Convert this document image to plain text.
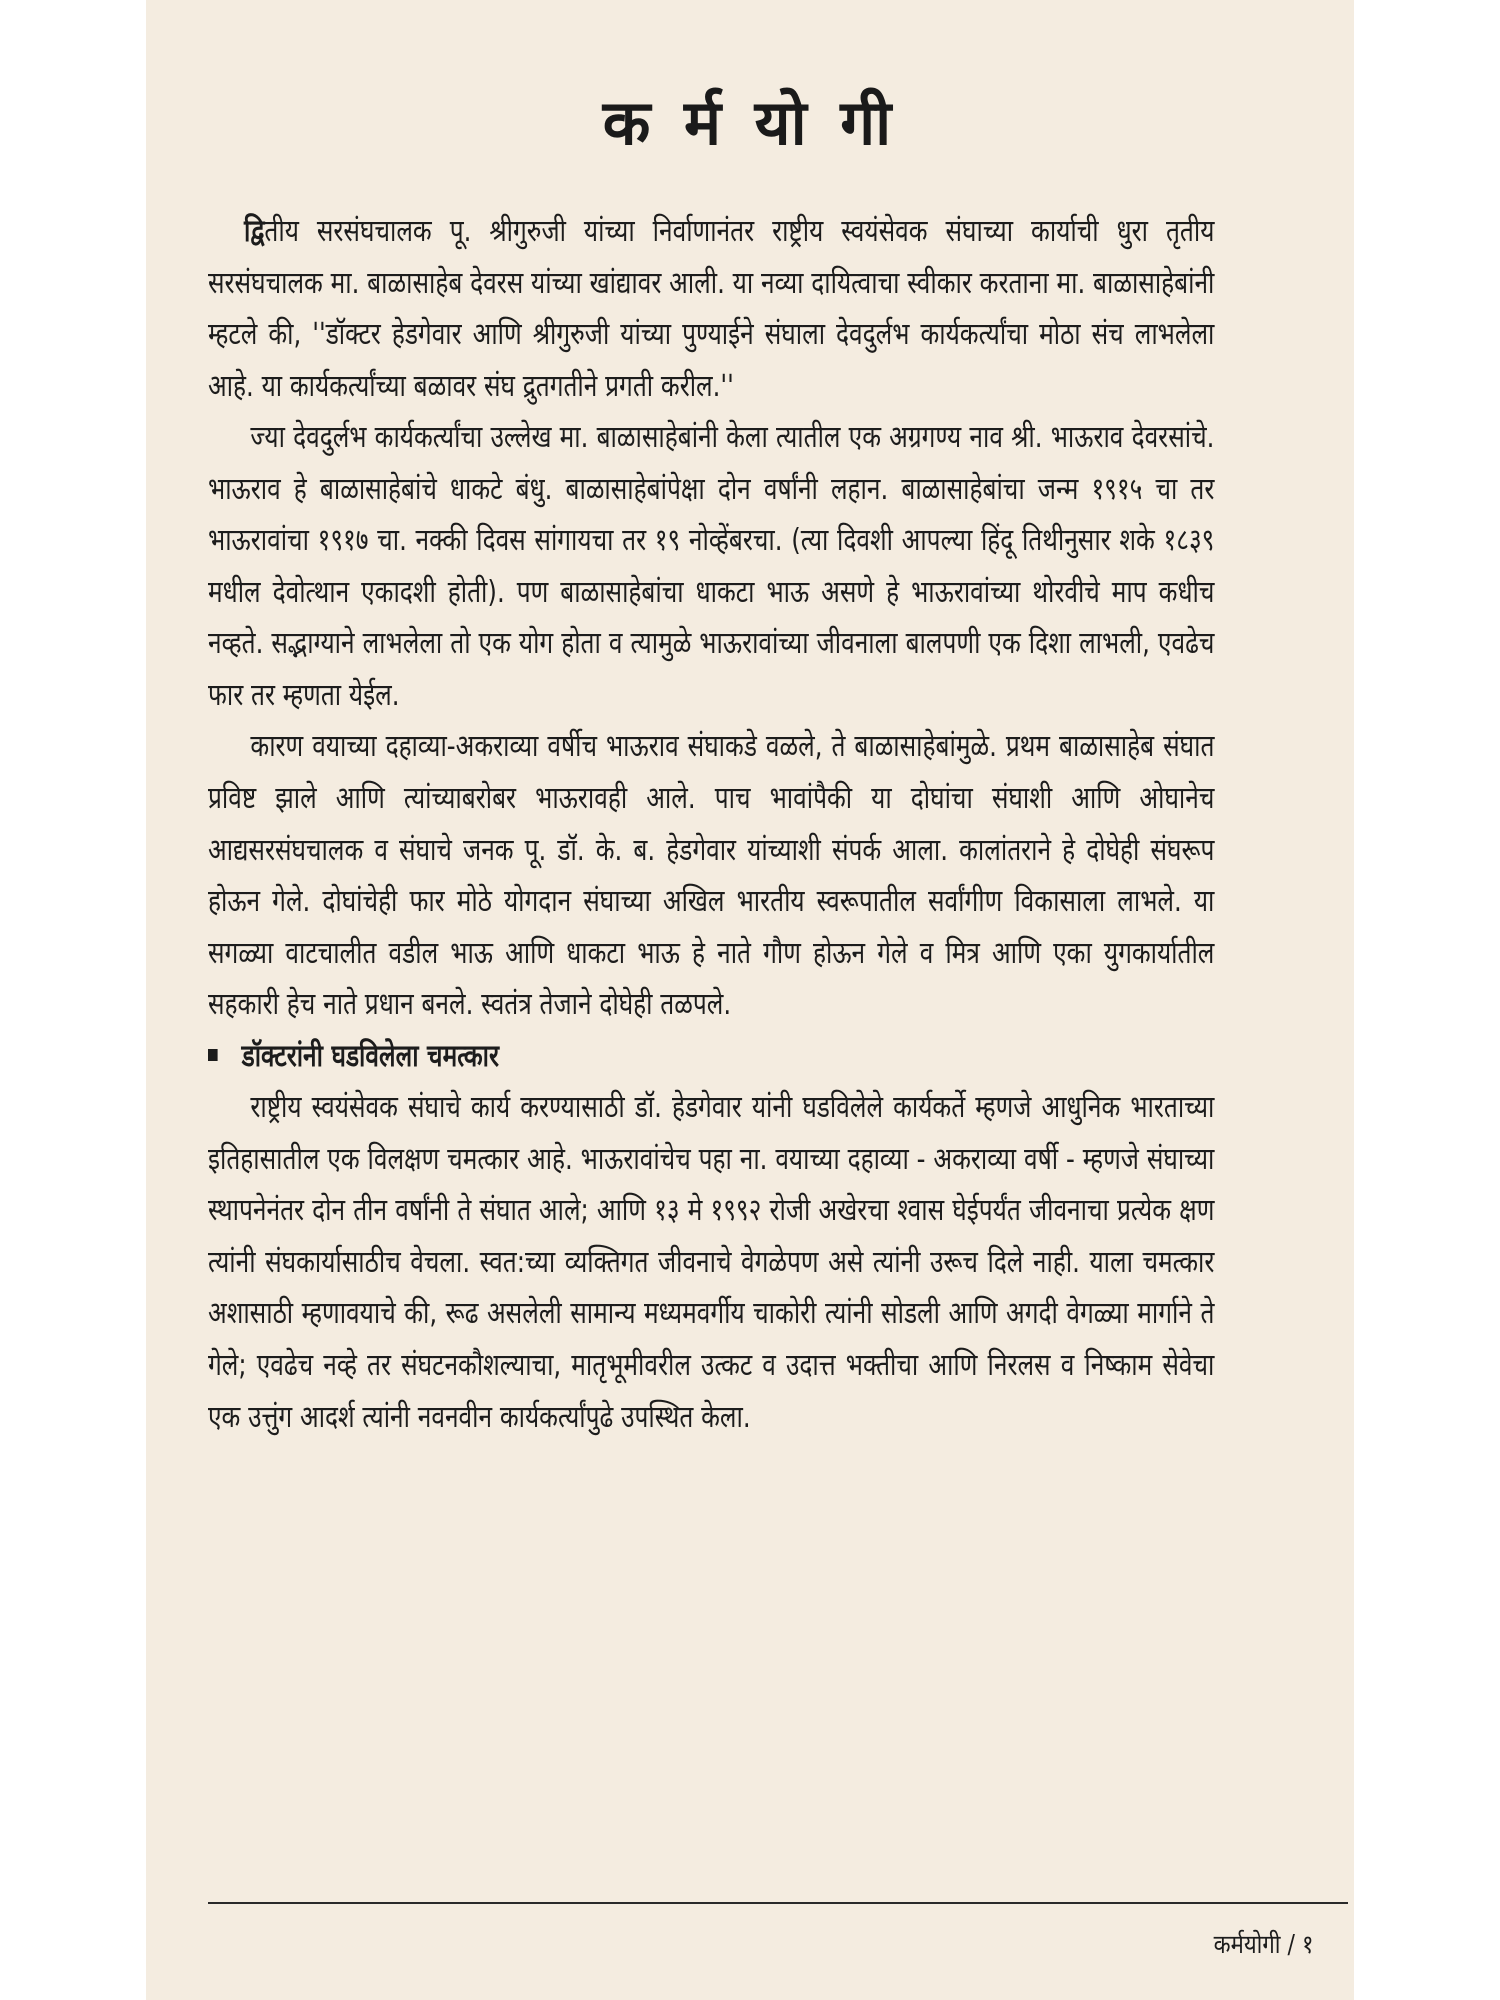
क र्म यो गी

द्वितीय सरसंघचालक पू. श्रीगुरुजी यांच्या निर्वाणानंतर राष्ट्रीय स्वयंसेवक संघाच्या कार्याची धुरा तृतीय सरसंघचालक मा. बाळासाहेब देवरस यांच्या खांद्यावर आली. या नव्या दायित्वाचा स्वीकार करताना मा. बाळासाहेबांनी म्हटले की, ''डॉक्टर हेडगेवार आणि श्रीगुरुजी यांच्या पुण्याईने संघाला देवदुर्लभ कार्यकर्त्यांचा मोठा संच लाभलेला आहे. या कार्यकर्त्यांच्या बळावर संघ द्रुतगतीने प्रगती करील.''

ज्या देवदुर्लभ कार्यकर्त्यांचा उल्लेख मा. बाळासाहेबांनी केला त्यातील एक अग्रगण्य नाव श्री. भाऊराव देवरसांचे. भाऊराव हे बाळासाहेबांचे धाकटे बंधु. बाळासाहेबांपेक्षा दोन वर्षांनी लहान. बाळासाहेबांचा जन्म १९१५ चा तर भाऊरावांचा १९१७ चा. नक्की दिवस सांगायचा तर १९ नोव्हेंबरचा. (त्या दिवशी आपल्या हिंदू तिथीनुसार शके १८३९ मधील देवोत्थान एकादशी होती). पण बाळासाहेबांचा धाकटा भाऊ असणे हे भाऊरावांच्या थोरवीचे माप कधीच नव्हते. सद्भाग्याने लाभलेला तो एक योग होता व त्यामुळे भाऊरावांच्या जीवनाला बालपणी एक दिशा लाभली, एवढेच फार तर म्हणता येईल.

कारण वयाच्या दहाव्या-अकराव्या वर्षीच भाऊराव संघाकडे वळले, ते बाळासाहेबांमुळे. प्रथम बाळासाहेब संघात प्रविष्ट झाले आणि त्यांच्याबरोबर भाऊरावही आले. पाच भावांपैकी या दोघांचा संघाशी आणि ओघानेच आद्यसरसंघचालक व संघाचे जनक पू. डॉ. के. ब. हेडगेवार यांच्याशी संपर्क आला. कालांतराने हे दोघेही संघरूप होऊन गेले. दोघांचेही फार मोठे योगदान संघाच्या अखिल भारतीय स्वरूपातील सर्वांगीण विकासाला लाभले. या सगळ्या वाटचालीत वडील भाऊ आणि धाकटा भाऊ हे नाते गौण होऊन गेले व मित्र आणि एका युगकार्यातील सहकारी हेच नाते प्रधान बनले. स्वतंत्र तेजाने दोघेही तळपले.

डॉक्टरांनी घडविलेला चमत्कार

राष्ट्रीय स्वयंसेवक संघाचे कार्य करण्यासाठी डॉ. हेडगेवार यांनी घडविलेले कार्यकर्ते म्हणजे आधुनिक भारताच्या इतिहासातील एक विलक्षण चमत्कार आहे. भाऊरावांचेच पहा ना. वयाच्या दहाव्या - अकराव्या वर्षी - म्हणजे संघाच्या स्थापनेनंतर दोन तीन वर्षांनी ते संघात आले; आणि १३ मे १९९२ रोजी अखेरचा श्वास घेईपर्यंत जीवनाचा प्रत्येक क्षण त्यांनी संघकार्यासाठीच वेचला. स्वत:च्या व्यक्तिगत जीवनाचे वेगळेपण असे त्यांनी उरूच दिले नाही. याला चमत्कार अशासाठी म्हणावयाचे की, रूढ असलेली सामान्य मध्यमवर्गीय चाकोरी त्यांनी सोडली आणि अगदी वेगळ्या मार्गाने ते गेले; एवढेच नव्हे तर संघटनकौशल्याचा, मातृभूमीवरील उत्कट व उदात्त भक्तीचा आणि निरलस व निष्काम सेवेचा एक उत्तुंग आदर्श त्यांनी नवनवीन कार्यकर्त्यांपुढे उपस्थित केला.

कर्मयोगी / १
